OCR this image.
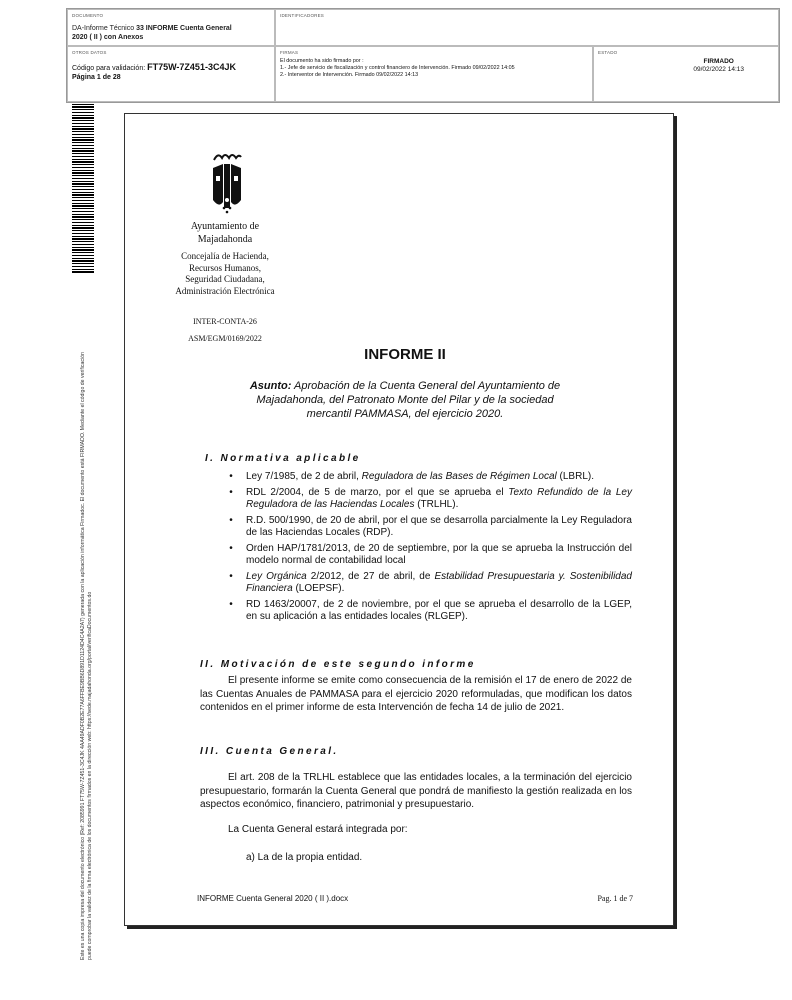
DOCUMENTO
DA-Informe Técnico 33 INFORME Cuenta General
2020 ( II ) con Anexos
IDENTIFICADORES
OTROS DATOS
Código para validación: FT75W-7Z451-3C4JK
Página 1 de 28
FIRMAS
El documento ha sido firmado por :
1.- Jefe de servicio de fiscalización y control financiero de Intervención. Firmado 09/02/2022 14:05
2.- Interventor de Intervención. Firmado 09/02/2022 14:13
ESTADO
FIRMADO
09/02/2022 14:13
Este es una copia impresa del documento electrónico (Ref: 2085991 FT75W-7Z451-3C4JK 4AA49ADF0B2E77A6FFBE9BB6D891D1124D4C4A2A7) generada con la aplicación informática Firmadoc. El documento está FIRMADO. Mediante el código de verificación puede comprobar la validez de la firma electrónica de los documentos firmados en la dirección web: https://sede.majadahonda.org/portal/verificaDocumentos.do
Ayuntamiento de
Majadahonda
Concejalía de Hacienda,
Recursos Humanos,
Seguridad Ciudadana,
Administración Electrónica
INTER-CONTA-26
ASM/EGM/0169/2022
INFORME II
Asunto: Aprobación de la Cuenta General del Ayuntamiento de
Majadahonda, del Patronato Monte del Pilar y de la sociedad
mercantil PAMMASA, del ejercicio 2020.
I. Normativa aplicable
•	Ley 7/1985, de 2 de abril, Reguladora de las Bases de Régimen Local (LBRL).
•	RDL 2/2004, de 5 de marzo, por el que se aprueba el Texto Refundido de la Ley Reguladora de las Haciendas Locales (TRLHL).
•	R.D. 500/1990, de 20 de abril, por el que se desarrolla parcialmente la Ley Reguladora de las Haciendas Locales (RDP).
•	Orden HAP/1781/2013, de 20 de septiembre, por la que se aprueba la Instrucción del modelo normal de contabilidad local
•	Ley Orgánica 2/2012, de 27 de abril, de Estabilidad Presupuestaria y. Sostenibilidad Financiera (LOEPSF).
•	RD 1463/20007, de 2 de noviembre, por el que se aprueba el desarrollo de la LGEP, en su aplicación a las entidades locales (RLGEP).
II. Motivación de este segundo informe

El presente informe se emite como consecuencia de la remisión el 17 de enero de 2022 de las Cuentas Anuales de PAMMASA para el ejercicio 2020 reformuladas, que modifican los datos contenidos en el primer informe de esta Intervención de fecha 14 de julio de 2021.

III. Cuenta General.

El art. 208 de la TRLHL establece que las entidades locales, a la terminación del ejercicio presupuestario, formarán la Cuenta General que pondrá de manifiesto la gestión realizada en los aspectos económico, financiero, patrimonial y presupuestario.

La Cuenta General estará integrada por:

a) La de la propia entidad.

INFORME Cuenta General 2020 ( II ).docx	Pag. 1 de 7
